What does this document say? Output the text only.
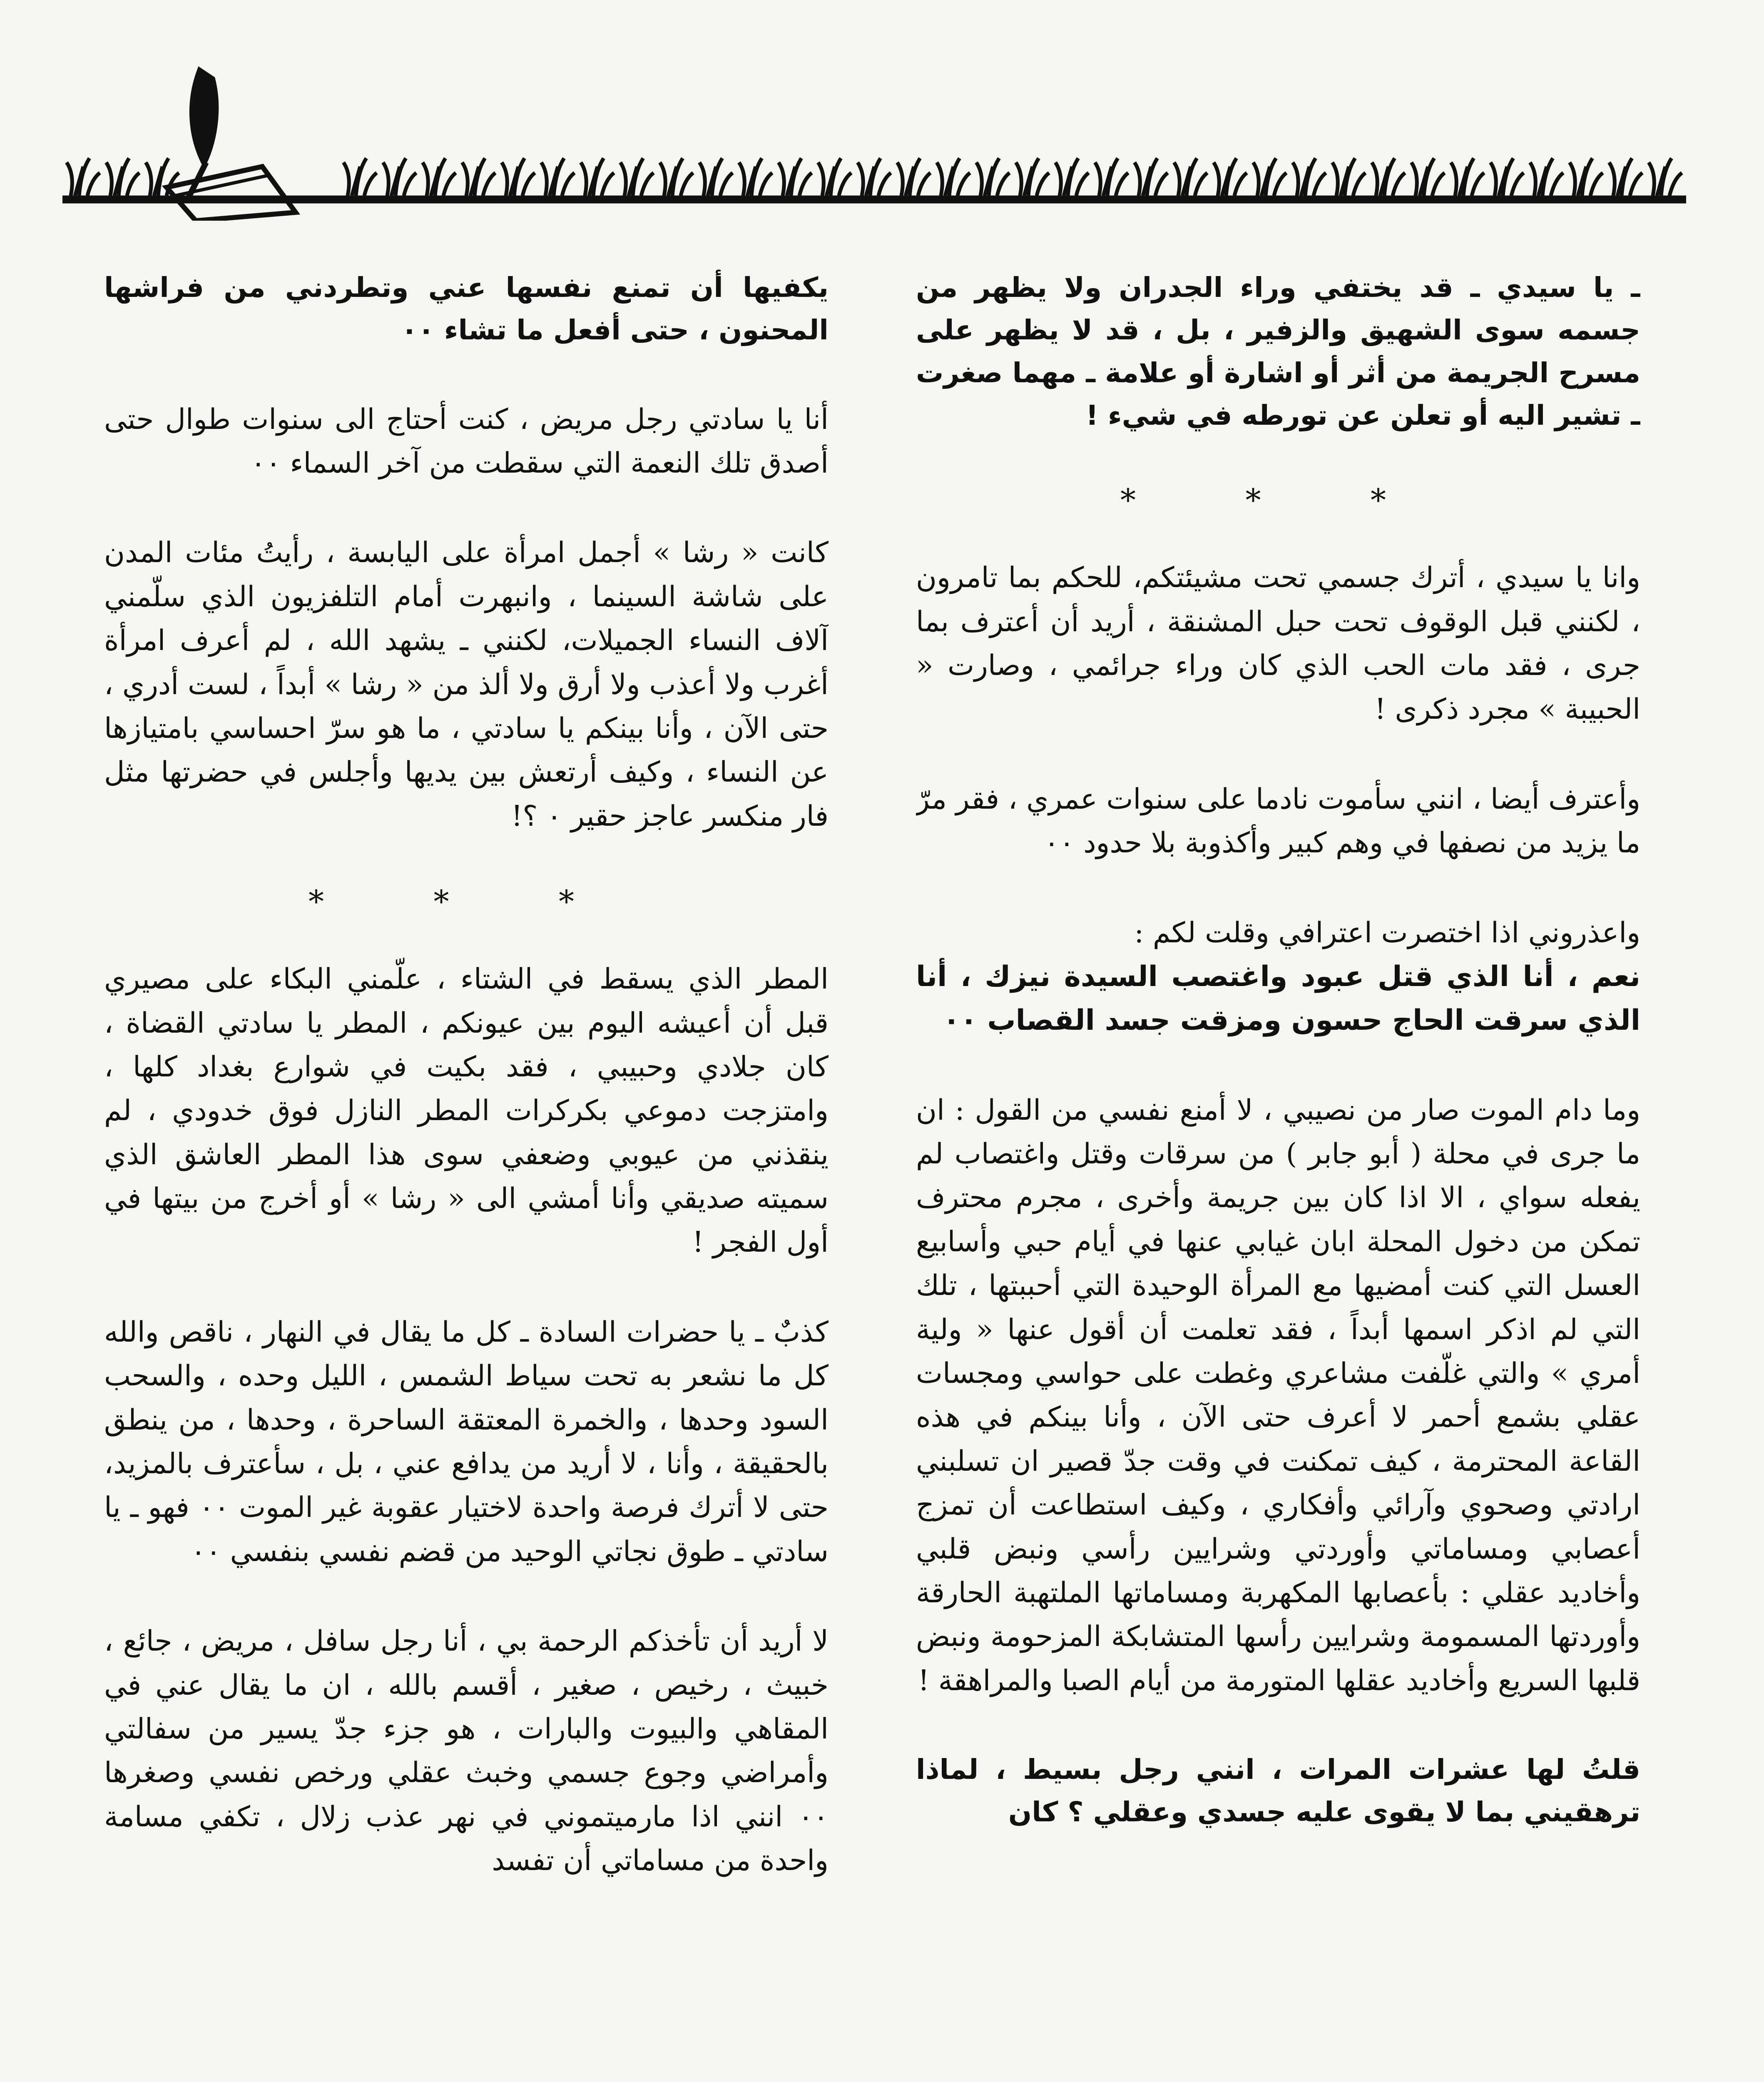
ـ يا سيدي ـ قد يختفي وراء الجدران ولا يظهر من جسمه سوى الشهيق والزفير ، بل ، قد لا يظهر على مسرح الجريمة من أثر أو اشارة أو علامة ـ مهما صغرت ـ تشير اليه أو تعلن عن تورطه في شيء !

* * *

وانا يا سيدي ، أترك جسمي تحت مشيئتكم، للحكم بما تامرون ، لكنني قبل الوقوف تحت حبل المشنقة ، أريد أن أعترف بما جرى ، فقد مات الحب الذي كان وراء جرائمي ، وصارت « الحبيبة » مجرد ذكرى !

وأعترف أيضا ، انني سأموت نادما على سنوات عمري ، فقر مرّ ما يزيد من نصفها في وهم كبير وأكذوبة بلا حدود ٠٠

واعذروني اذا اختصرت اعترافي وقلت لكم :
نعم ، أنا الذي قتل عبود واغتصب السيدة نيزك ، أنا الذي سرقت الحاج حسون ومزقت جسد القصاب ٠٠

وما دام الموت صار من نصيبي ، لا أمنع نفسي من القول : ان ما جرى في محلة ( أبو جابر ) من سرقات وقتل واغتصاب لم يفعله سواي ، الا اذا كان بين جريمة وأخرى ، مجرم محترف تمكن من دخول المحلة ابان غيابي عنها في أيام حبي وأسابيع العسل التي كنت أمضيها مع المرأة الوحيدة التي أحببتها ، تلك التي لم اذكر اسمها أبداً ، فقد تعلمت أن أقول عنها « ولية أمري » والتي غلّفت مشاعري وغطت على حواسي ومجسات عقلي بشمع أحمر لا أعرف حتى الآن ، وأنا بينكم في هذه القاعة المحترمة ، كيف تمكنت في وقت جدّ قصير ان تسلبني ارادتي وصحوي وآرائي وأفكاري ، وكيف استطاعت أن تمزج أعصابي ومساماتي وأوردتي وشرايين رأسي ونبض قلبي وأخاديد عقلي : بأعصابها المكهربة ومساماتها الملتهبة الحارقة وأوردتها المسمومة وشرايين رأسها المتشابكة المزحومة ونبض قلبها السريع وأخاديد عقلها المتورمة من أيام الصبا والمراهقة !

قلتُ لها عشرات المرات ، انني رجل بسيط ، لماذا ترهقيني بما لا يقوى عليه جسدي وعقلي ؟ كان

يكفيها أن تمنع نفسها عني وتطردني من فراشها المحنون ، حتى أفعل ما تشاء ٠٠

أنا يا سادتي رجل مريض ، كنت أحتاج الى سنوات طوال حتى أصدق تلك النعمة التي سقطت من آخر السماء ٠٠

كانت « رشا » أجمل امرأة على اليابسة ، رأيتُ مئات المدن على شاشة السينما ، وانبهرت أمام التلفزيون الذي سلّمني آلاف النساء الجميلات، لكنني ـ يشهد الله ، لم أعرف امرأة أغرب ولا أعذب ولا أرق ولا ألذ من « رشا » أبداً ، لست أدري ، حتى الآن ، وأنا بينكم يا سادتي ، ما هو سرّ احساسي بامتيازها عن النساء ، وكيف أرتعش بين يديها وأجلس في حضرتها مثل فار منكسر عاجز حقير ٠ ؟!

* * *

المطر الذي يسقط في الشتاء ، علّمني البكاء على مصيري قبل أن أعيشه اليوم بين عيونكم ، المطر يا سادتي القضاة ، كان جلادي وحبيبي ، فقد بكيت في شوارع بغداد كلها ، وامتزجت دموعي بكركرات المطر النازل فوق خدودي ، لم ينقذني من عيوبي وضعفي سوى هذا المطر العاشق الذي سميته صديقي وأنا أمشي الى « رشا » أو أخرج من بيتها في أول الفجر !

كذبٌ ـ يا حضرات السادة ـ كل ما يقال في النهار ، ناقص والله كل ما نشعر به تحت سياط الشمس ، الليل وحده ، والسحب السود وحدها ، والخمرة المعتقة الساحرة ، وحدها ، من ينطق بالحقيقة ، وأنا ، لا أريد من يدافع عني ، بل ، سأعترف بالمزيد، حتى لا أترك فرصة واحدة لاختيار عقوبة غير الموت ٠٠ فهو ـ يا سادتي ـ طوق نجاتي الوحيد من قضم نفسي بنفسي ٠٠

لا أريد أن تأخذكم الرحمة بي ، أنا رجل سافل ، مريض ، جائع ، خبيث ، رخيص ، صغير ، أقسم بالله ، ان ما يقال عني في المقاهي والبيوت والبارات ، هو جزء جدّ يسير من سفالتي وأمراضي وجوع جسمي وخبث عقلي ورخص نفسي وصغرها ٠٠ انني اذا مارميتموني في نهر عذب زلال ، تكفي مسامة واحدة من مساماتي أن تفسد
